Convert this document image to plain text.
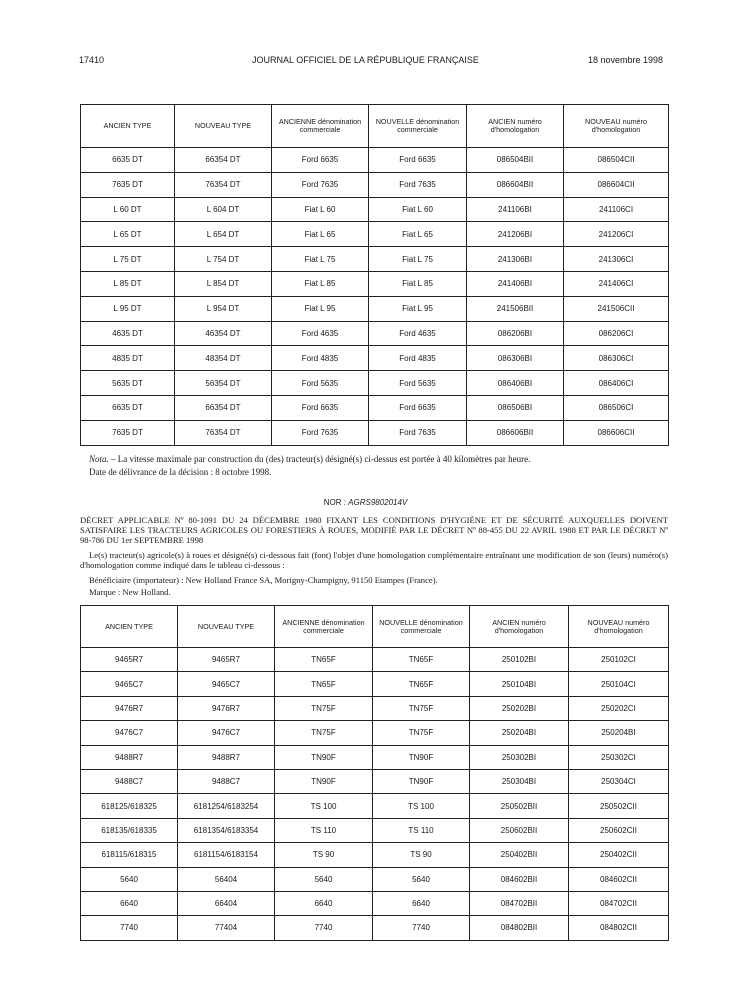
17410	JOURNAL OFFICIEL DE LA RÉPUBLIQUE FRANÇAISE	18 novembre 1998
ANCIEN TYPE	NOUVEAU TYPE	ANCIENNE dénomination commerciale	NOUVELLE dénomination commerciale	ANCIEN numéro d'homologation	NOUVEAU numéro d'homologation
6635 DT	66354 DT	Ford 6635	Ford 6635	086504BII	086504CII
7635 DT	76354 DT	Ford 7635	Ford 7635	086604BII	086604CII
L 60 DT	L 604 DT	Fiat L 60	Fiat L 60	241106BI	241106CI
L 65 DT	L 654 DT	Fiat L 65	Fiat L 65	241206BI	241206CI
L 75 DT	L 754 DT	Fiat L 75	Fiat L 75	241306BI	241306CI
L 85 DT	L 854 DT	Fiat L 85	Fiat L 85	241406BI	241406CI
L 95 DT	L 954 DT	Fiat L 95	Fiat L 95	241506BII	241506CII
4635 DT	46354 DT	Ford 4635	Ford 4635	086206BI	086206CI
4835 DT	48354 DT	Ford 4835	Ford 4835	086306BI	086306CI
5635 DT	56354 DT	Ford 5635	Ford 5635	086406BI	086406CI
6635 DT	66354 DT	Ford 6635	Ford 6635	086506BI	086506CI
7635 DT	76354 DT	Ford 7635	Ford 7635	086606BII	086606CII
Nota. – La vitesse maximale par construction du (des) tracteur(s) désigné(s) ci-dessus est portée à 40 kilomètres par heure.
Date de délivrance de la décision : 8 octobre 1998.
NOR : AGRS9802014V
DÉCRET APPLICABLE Nº 80-1091 DU 24 DÉCEMBRE 1980 FIXANT LES CONDITIONS D'HYGIÈNE ET DE SÉCURITÉ AUXQUELLES DOIVENT SATISFAIRE LES TRACTEURS AGRICOLES OU FORESTIERS À ROUES, MODIFIÉ PAR LE DÉCRET Nº 88-455 DU 22 AVRIL 1988 ET PAR LE DÉCRET Nº 98-786 DU 1er SEPTEMBRE 1998
Le(s) tracteur(s) agricole(s) à roues et désigné(s) ci-dessous fait (font) l'objet d'une homologation complémentaire entraînant une modification de son (leurs) numéro(s) d'homologation comme indiqué dans le tableau ci-dessous :
Bénéficiaire (importateur) : New Holland France SA, Morigny-Champigny, 91150 Etampes (France).
Marque : New Holland.
ANCIEN TYPE	NOUVEAU TYPE	ANCIENNE dénomination commerciale	NOUVELLE dénomination commerciale	ANCIEN numéro d'homologation	NOUVEAU numéro d'homologation
9465R7	9465R7	TN65F	TN65F	250102BI	250102CI
9465C7	9465C7	TN65F	TN65F	250104BI	250104CI
9476R7	9476R7	TN75F	TN75F	250202BI	250202CI
9476C7	9476C7	TN75F	TN75F	250204BI	250204BI
9488R7	9488R7	TN90F	TN90F	250302BI	250302CI
9488C7	9488C7	TN90F	TN90F	250304BI	250304CI
618125/618325	6181254/6183254	TS 100	TS 100	250502BII	250502CII
618135/618335	6181354/6183354	TS 110	TS 110	250602BII	250602CII
618115/618315	6181154/6183154	TS 90	TS 90	250402BII	250402CII
5640	56404	5640	5640	084602BII	084602CII
6640	66404	6640	6640	084702BII	084702CII
7740	77404	7740	7740	084802BII	084802CII
